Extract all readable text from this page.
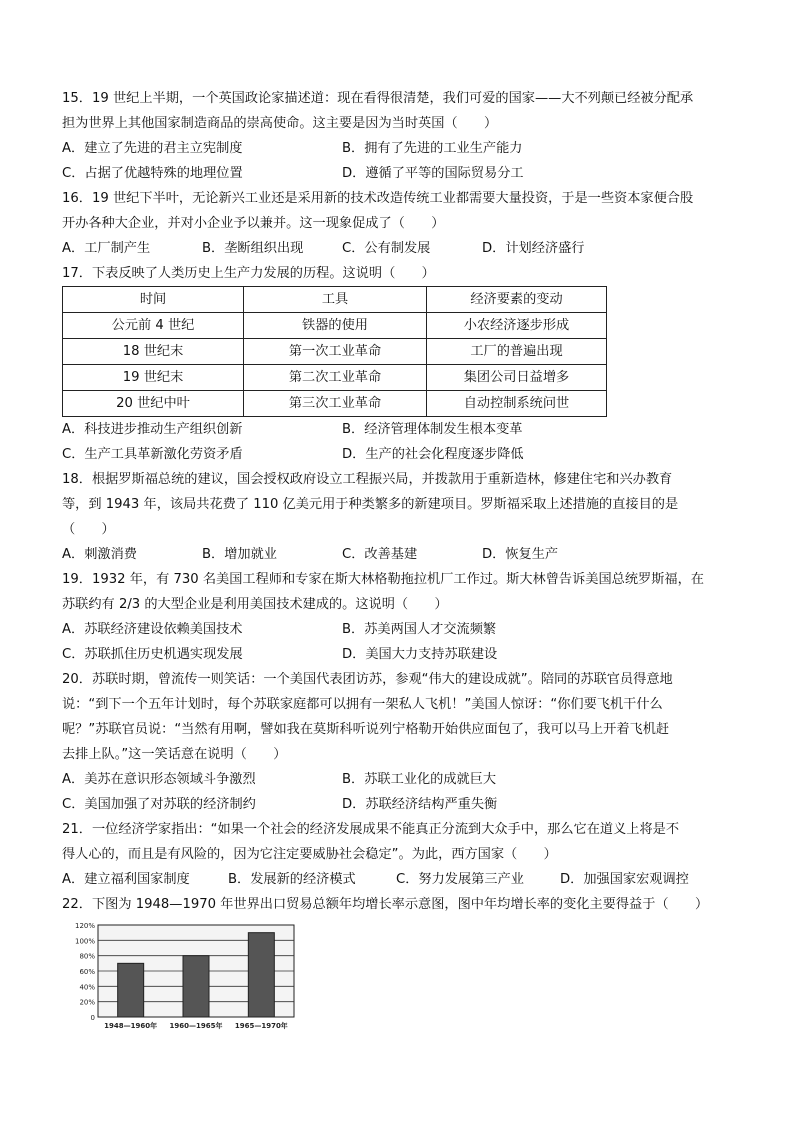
15．19 世纪上半期，一个英国政论家描述道：现在看得很清楚，我们可爱的国家——大不列颠已经被分配承
担为世界上其他国家制造商品的崇高使命。这主要是因为当时英国（　　）
A．建立了先进的君主立宪制度	B．拥有了先进的工业生产能力
C．占据了优越特殊的地理位置	D．遵循了平等的国际贸易分工
16．19 世纪下半叶，无论新兴工业还是采用新的技术改造传统工业都需要大量投资，于是一些资本家便合股
开办各种大企业，并对小企业予以兼并。这一现象促成了（　　）
A．工厂制产生	B．垄断组织出现	C．公有制发展	D．计划经济盛行
17．下表反映了人类历史上生产力发展的历程。这说明（　　）
时间	工具	经济要素的变动
公元前 4 世纪	铁器的使用	小农经济逐步形成
18 世纪末	第一次工业革命	工厂的普遍出现
19 世纪末	第二次工业革命	集团公司日益增多
20 世纪中叶	第三次工业革命	自动控制系统问世
A．科技进步推动生产组织创新	B．经济管理体制发生根本变革
C．生产工具革新激化劳资矛盾	D．生产的社会化程度逐步降低
18．根据罗斯福总统的建议，国会授权政府设立工程振兴局，并拨款用于重新造林，修建住宅和兴办教育
等，到 1943 年，该局共花费了 110 亿美元用于种类繁多的新建项目。罗斯福采取上述措施的直接目的是
（　　）
A．刺激消费	B．增加就业	C．改善基建	D．恢复生产
19．1932 年，有 730 名美国工程师和专家在斯大林格勒拖拉机厂工作过。斯大林曾告诉美国总统罗斯福，在
苏联约有 2/3 的大型企业是利用美国技术建成的。这说明（　　）
A．苏联经济建设依赖美国技术	B．苏美两国人才交流频繁
C．苏联抓住历史机遇实现发展	D．美国大力支持苏联建设
20．苏联时期，曾流传一则笑话：一个美国代表团访苏，参观“伟大的建设成就”。陪同的苏联官员得意地
说：“到下一个五年计划时，每个苏联家庭都可以拥有一架私人飞机！”美国人惊讶：“你们要飞机干什么
呢？”苏联官员说：“当然有用啊，譬如我在莫斯科听说列宁格勒开始供应面包了，我可以马上开着飞机赶
去排上队。”这一笑话意在说明（　　）
A．美苏在意识形态领域斗争激烈	B．苏联工业化的成就巨大
C．美国加强了对苏联的经济制约	D．苏联经济结构严重失衡
21．一位经济学家指出：“如果一个社会的经济发展成果不能真正分流到大众手中，那么它在道义上将是不
得人心的，而且是有风险的，因为它注定要威胁社会稳定”。为此，西方国家（　　）
A．建立福利国家制度	B．发展新的经济模式	C．努力发展第三产业	D．加强国家宏观调控
22．下图为 1948—1970 年世界出口贸易总额年均增长率示意图，图中年均增长率的变化主要得益于（　　）
0
20%
40%
60%
80%
100%
120%
1948—1960年 1960—1965年 1965—1970年
